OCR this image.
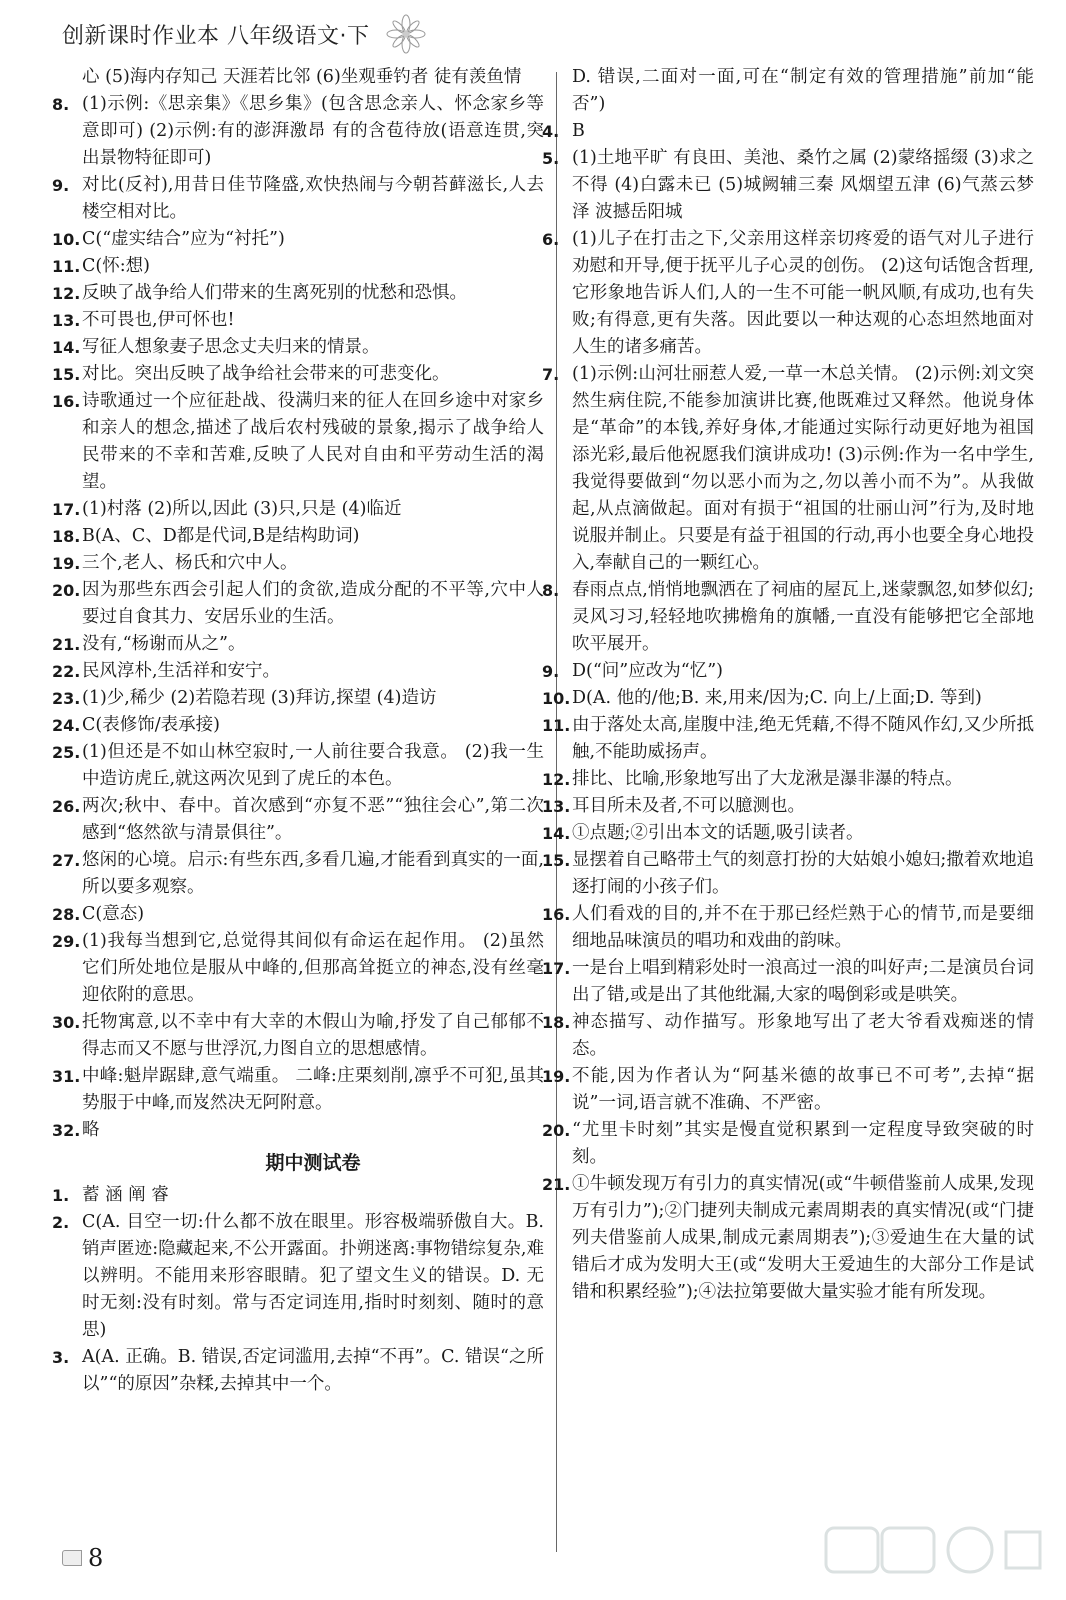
创新课时作业本 八年级语文·下
心 (5)海内存知己 天涯若比邻 (6)坐观垂钓者 徒有羡鱼情
8. (1)示例:《思亲集》《思乡集》(包含思念亲人、怀念家乡等意即可) (2)示例:有的澎湃激昂 有的含苞待放(语意连贯,突出景物特征即可)
9. 对比(反衬),用昔日佳节隆盛,欢快热闹与今朝苔藓滋长,人去楼空相对比。
10. C(“虚实结合”应为“衬托”)
11. C(怀:想)
12. 反映了战争给人们带来的生离死别的忧愁和恐惧。
13. 不可畏也,伊可怀也!
14. 写征人想象妻子思念丈夫归来的情景。
15. 对比。突出反映了战争给社会带来的可悲变化。
16. 诗歌通过一个应征赴战、役满归来的征人在回乡途中对家乡和亲人的想念,描述了战后农村残破的景象,揭示了战争给人民带来的不幸和苦难,反映了人民对自由和平劳动生活的渴望。
17. (1)村落 (2)所以,因此 (3)只,只是 (4)临近
18. B(A、C、D都是代词,B是结构助词)
19. 三个,老人、杨氏和穴中人。
20. 因为那些东西会引起人们的贪欲,造成分配的不平等,穴中人要过自食其力、安居乐业的生活。
21. 没有,“杨谢而从之”。
22. 民风淳朴,生活祥和安宁。
23. (1)少,稀少 (2)若隐若现 (3)拜访,探望 (4)造访
24. C(表修饰/表承接)
25. (1)但还是不如山林空寂时,一人前往要合我意。 (2)我一生中造访虎丘,就这两次见到了虎丘的本色。
26. 两次;秋中、春中。首次感到“亦复不恶”“独往会心”,第二次感到“悠然欲与清景俱往”。
27. 悠闲的心境。启示:有些东西,多看几遍,才能看到真实的一面,所以要多观察。
28. C(意态)
29. (1)我每当想到它,总觉得其间似有命运在起作用。 (2)虽然它们所处地位是服从中峰的,但那高耸挺立的神态,没有丝毫迎依附的意思。
30. 托物寓意,以不幸中有大幸的木假山为喻,抒发了自己郁郁不得志而又不愿与世浮沉,力图自立的思想感情。
31. 中峰:魁岸踞肆,意气端重。 二峰:庄栗刻削,凛乎不可犯,虽其势服于中峰,而岌然决无阿附意。
32. 略
期中测试卷
1. 蓄 涵 阐 睿
2. C(A. 目空一切:什么都不放在眼里。形容极端骄傲自大。B. 销声匿迹:隐藏起来,不公开露面。扑朔迷离:事物错综复杂,难以辨明。不能用来形容眼睛。犯了望文生义的错误。D. 无时无刻:没有时刻。常与否定词连用,指时时刻刻、随时的意思)
3. A(A. 正确。B. 错误,否定词滥用,去掉“不再”。C. 错误“之所以”“的原因”杂糅,去掉其中一个。
D. 错误,二面对一面,可在“制定有效的管理措施”前加“能否”)
4. B
5. (1)土地平旷 有良田、美池、桑竹之属 (2)蒙络摇缀 (3)求之不得 (4)白露未已 (5)城阙辅三秦 风烟望五津 (6)气蒸云梦泽 波撼岳阳城
6. (1)儿子在打击之下,父亲用这样亲切疼爱的语气对儿子进行劝慰和开导,便于抚平儿子心灵的创伤。 (2)这句话饱含哲理,它形象地告诉人们,人的一生不可能一帆风顺,有成功,也有失败;有得意,更有失落。因此要以一种达观的心态坦然地面对人生的诸多痛苦。
7. (1)示例:山河壮丽惹人爱,一草一木总关情。 (2)示例:刘文突然生病住院,不能参加演讲比赛,他既难过又释然。他说身体是“革命”的本钱,养好身体,才能通过实际行动更好地为祖国添光彩,最后他祝愿我们演讲成功! (3)示例:作为一名中学生,我觉得要做到“勿以恶小而为之,勿以善小而不为”。从我做起,从点滴做起。面对有损于“祖国的壮丽山河”行为,及时地说服并制止。只要是有益于祖国的行动,再小也要全身心地投入,奉献自己的一颗红心。
8. 春雨点点,悄悄地飘洒在了祠庙的屋瓦上,迷蒙飘忽,如梦似幻;灵风习习,轻轻地吹拂檐角的旗幡,一直没有能够把它全部地吹平展开。
9. D(“问”应改为“忆”)
10. D(A. 他的/他;B. 来,用来/因为;C. 向上/上面;D. 等到)
11. 由于落处太高,崖腹中洼,绝无凭藉,不得不随风作幻,又少所抵触,不能助威扬声。
12. 排比、比喻,形象地写出了大龙湫是瀑非瀑的特点。
13. 耳目所未及者,不可以臆测也。
14. ①点题;②引出本文的话题,吸引读者。
15. 显摆着自己略带土气的刻意打扮的大姑娘小媳妇;撒着欢地追逐打闹的小孩子们。
16. 人们看戏的目的,并不在于那已经烂熟于心的情节,而是要细细地品味演员的唱功和戏曲的韵味。
17. 一是台上唱到精彩处时一浪高过一浪的叫好声;二是演员台词出了错,或是出了其他纰漏,大家的喝倒彩或是哄笑。
18. 神态描写、动作描写。形象地写出了老大爷看戏痴迷的情态。
19. 不能,因为作者认为“阿基米德的故事已不可考”,去掉“据说”一词,语言就不准确、不严密。
20. “尤里卡时刻”其实是慢直觉积累到一定程度导致突破的时刻。
21. ①牛顿发现万有引力的真实情况(或“牛顿借鉴前人成果,发现万有引力”);②门捷列夫制成元素周期表的真实情况(或“门捷列夫借鉴前人成果,制成元素周期表”);③爱迪生在大量的试错后才成为发明大王(或“发明大王爱迪生的大部分工作是试错和积累经验”);④法拉第要做大量实验才能有所发现。
8
